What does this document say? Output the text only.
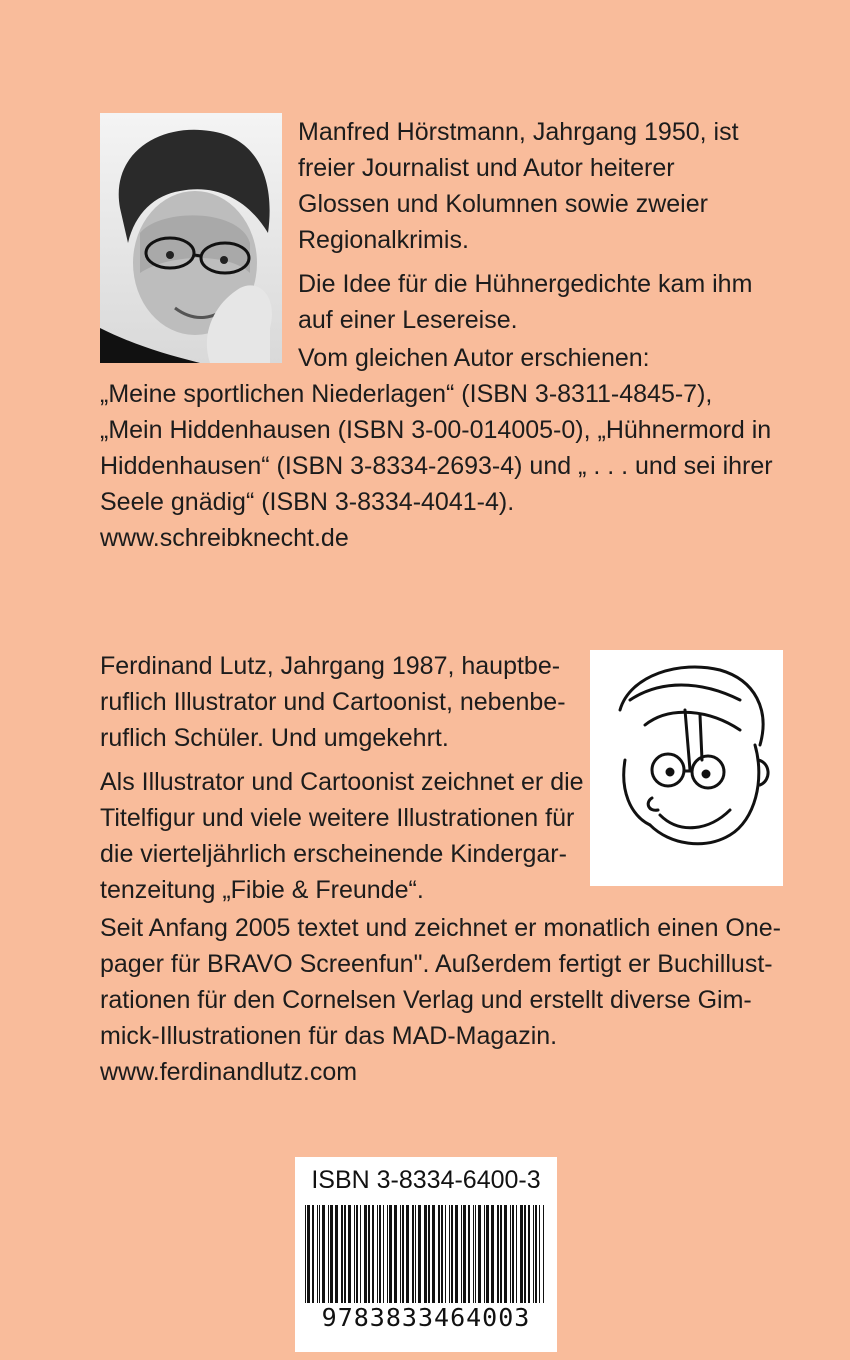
Manfred Hörstmann, Jahrgang 1950, ist
freier Journalist und Autor heiterer
Glossen und Kolumnen sowie zweier
Regionalkrimis.
Die Idee für die Hühnergedichte kam ihm
auf einer Lesereise.
Vom gleichen Autor erschienen:
„Meine sportlichen Niederlagen“ (ISBN 3-8311-4845-7),
„Mein Hiddenhausen (ISBN 3-00-014005-0), „Hühnermord in
Hiddenhausen“ (ISBN 3-8334-2693-4) und „ . . . und sei ihrer
Seele gnädig“ (ISBN 3-8334-4041-4).
www.schreibknecht.de
Ferdinand Lutz, Jahrgang 1987, hauptbe-
ruflich Illustrator und Cartoonist, nebenbe-
ruflich Schüler. Und umgekehrt.
Als Illustrator und Cartoonist zeichnet er die
Titelfigur und viele weitere Illustrationen für
die vierteljährlich erscheinende Kindergar-
tenzeitung „Fibie & Freunde“.
Seit Anfang 2005 textet und zeichnet er monatlich einen One-
pager für BRAVO Screenfun". Außerdem fertigt er Buchillust-
rationen für den Cornelsen Verlag und erstellt diverse Gim-
mick-Illustrationen für das MAD-Magazin.
www.ferdinandlutz.com
ISBN 3-8334-6400-3
9783833464003
